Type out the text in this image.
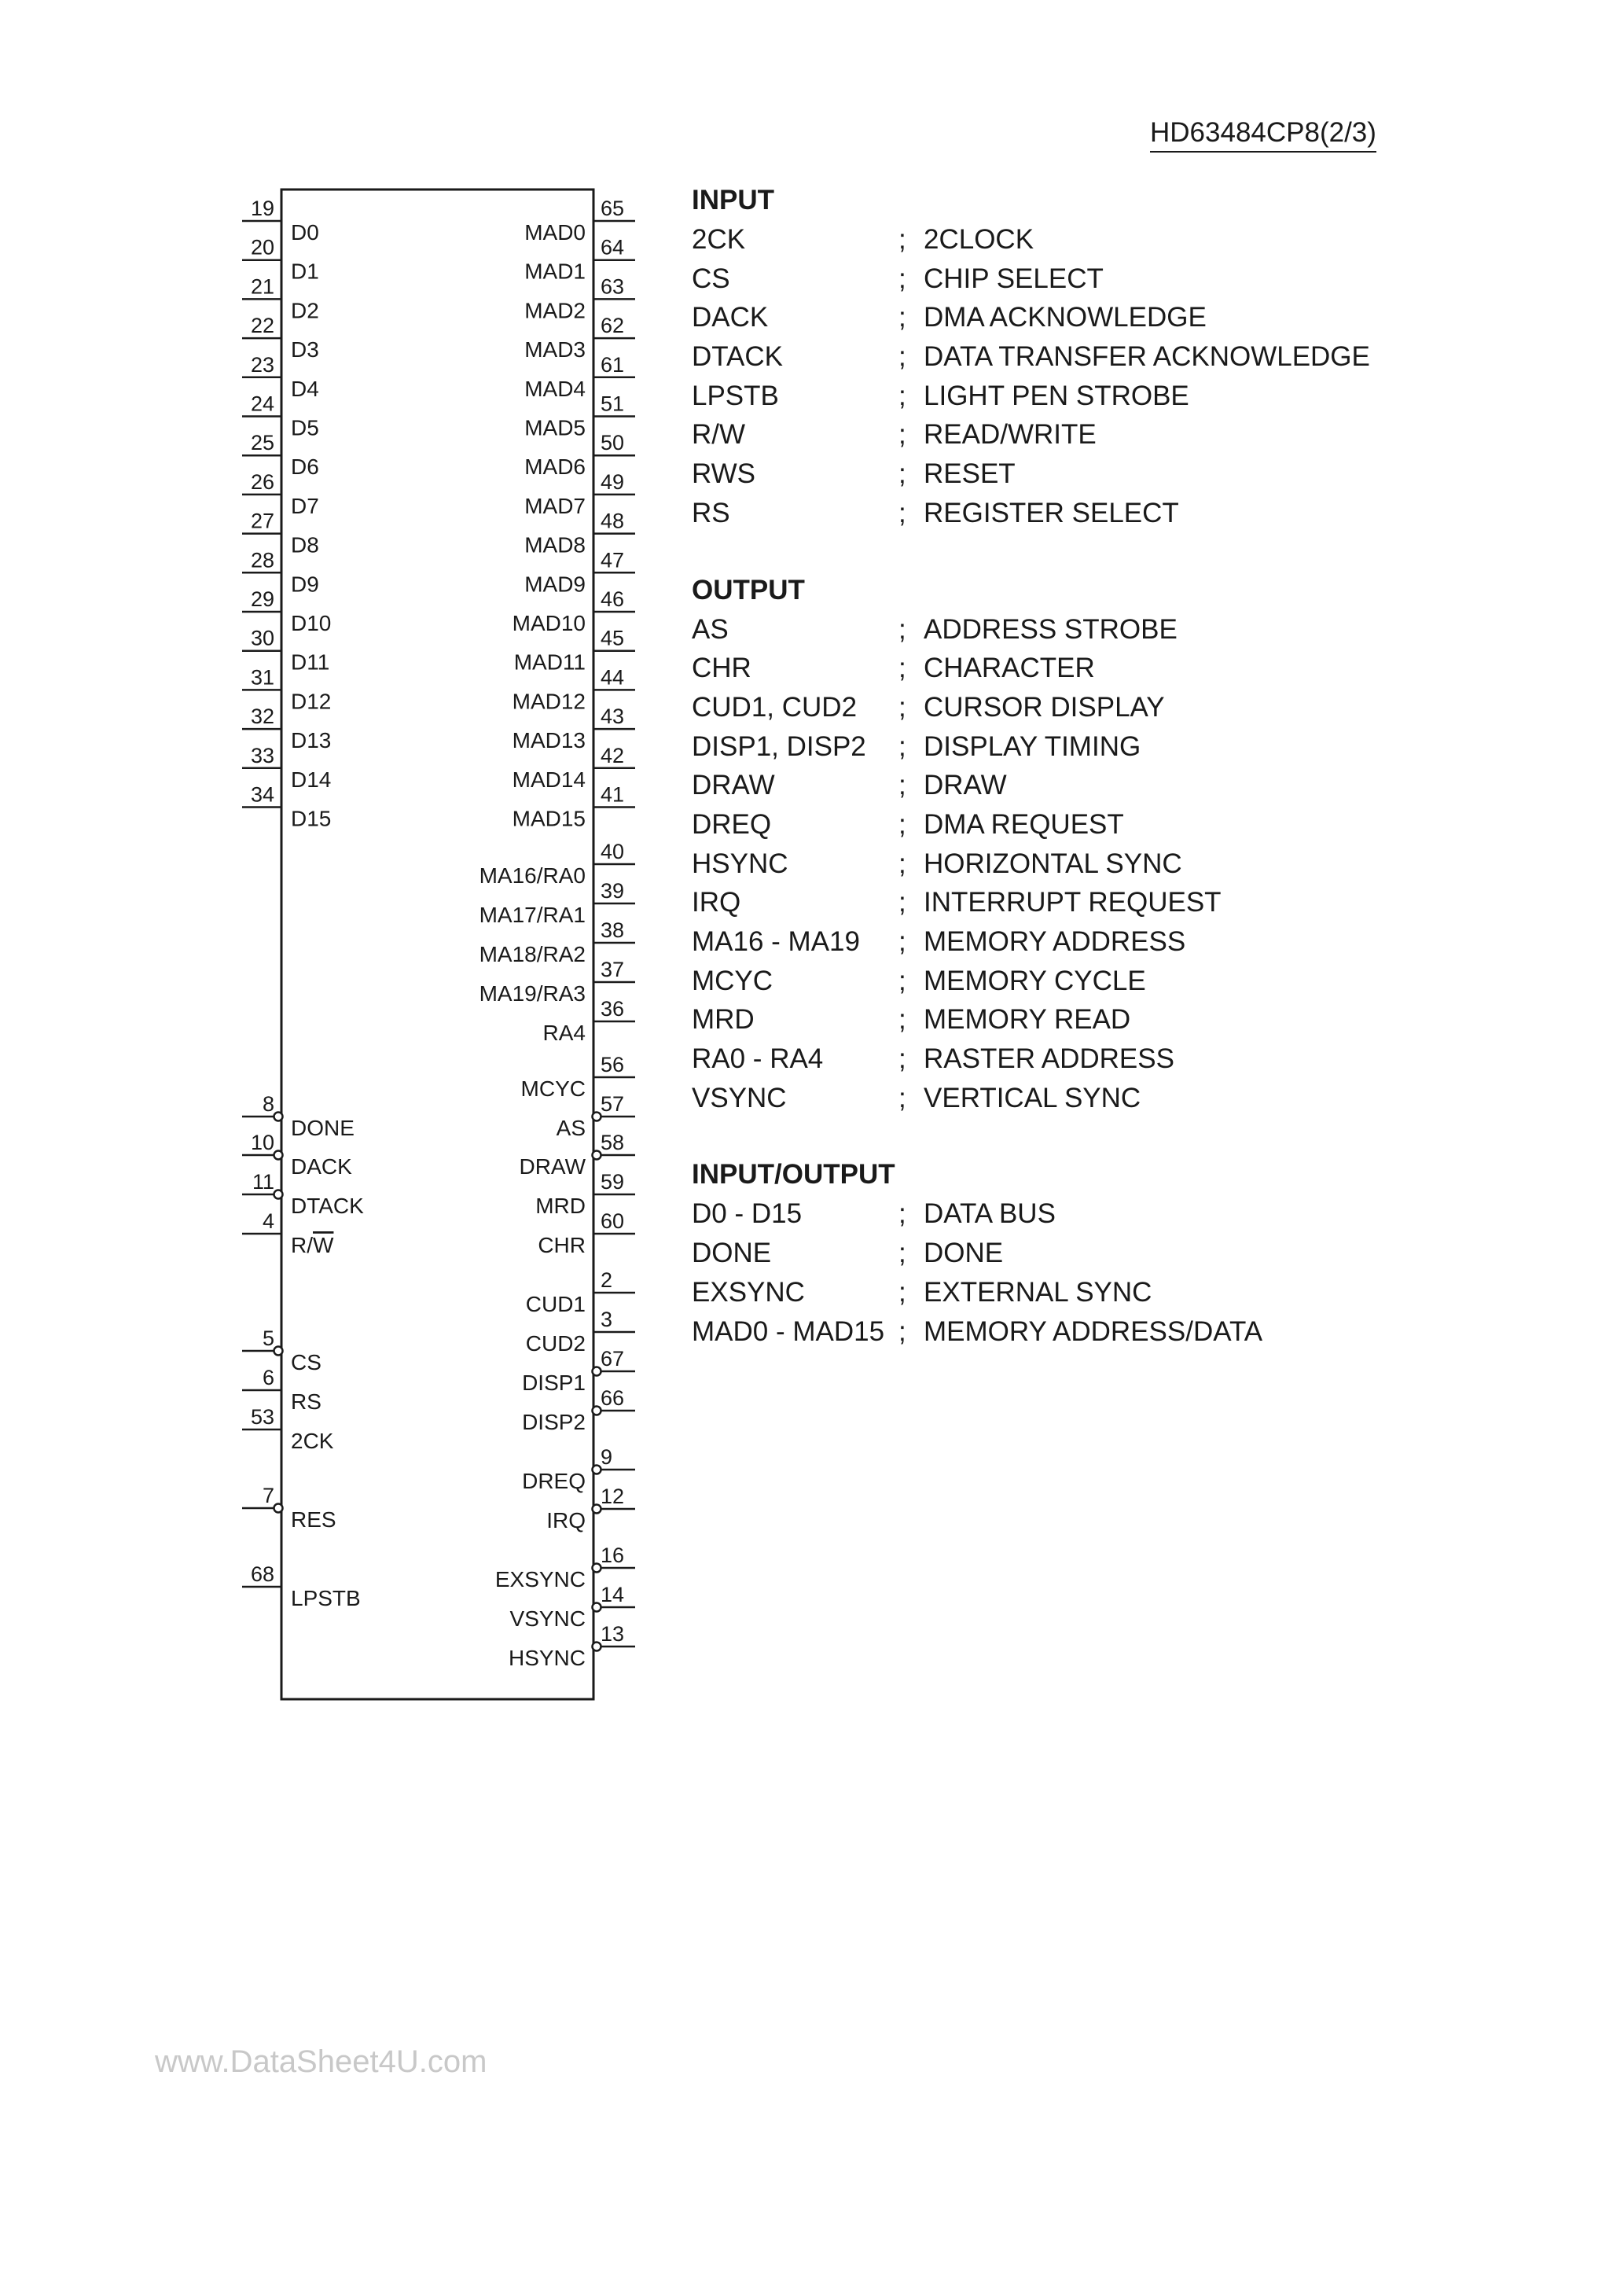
HD63484CP8(2/3)
19
D0
20
D1
21
D2
22
D3
23
D4
24
D5
25
D6
26
D7
27
D8
28
D9
29
D10
30
D11
31
D12
32
D13
33
D14
34
D15
8
DONE
10
DACK
11
DTACK
4
R/W
5
CS
6
RS
53
2CK
7
RES
68
LPSTB
65
MAD0
64
MAD1
63
MAD2
62
MAD3
61
MAD4
51
MAD5
50
MAD6
49
MAD7
48
MAD8
47
MAD9
46
MAD10
45
MAD11
44
MAD12
43
MAD13
42
MAD14
41
MAD15
40
MA16/RA0
39
MA17/RA1
38
MA18/RA2
37
MA19/RA3
36
RA4
56
MCYC
57
AS
58
DRAW
59
MRD
60
CHR
2
CUD1
3
CUD2
67
DISP1
66
DISP2
9
DREQ
12
IRQ
16
EXSYNC
14
VSYNC
13
HSYNC
INPUT
2CK	; 2CLOCK
CS	; CHIP SELECT
DACK	; DMA ACKNOWLEDGE
DTACK	; DATA TRANSFER ACKNOWLEDGE
LPSTB	; LIGHT PEN STROBE
R/W	; READ/WRITE
RWS	; RESET
RS	; REGISTER SELECT
OUTPUT
AS	; ADDRESS STROBE
CHR	; CHARACTER
CUD1, CUD2 ; CURSOR DISPLAY
DISP1, DISP2 ; DISPLAY TIMING
DRAW	; DRAW
DREQ	; DMA REQUEST
HSYNC	; HORIZONTAL SYNC
IRQ	; INTERRUPT REQUEST
MA16 - MA19 ; MEMORY ADDRESS
MCYC	; MEMORY CYCLE
MRD	; MEMORY READ
RA0 - RA4	; RASTER ADDRESS
VSYNC	; VERTICAL SYNC
INPUT/OUTPUT
D0 - D15	; DATA BUS
DONE	; DONE
EXSYNC	; EXTERNAL SYNC
MAD0 - MAD15 ; MEMORY ADDRESS/DATA
www.DataSheet4U.com
